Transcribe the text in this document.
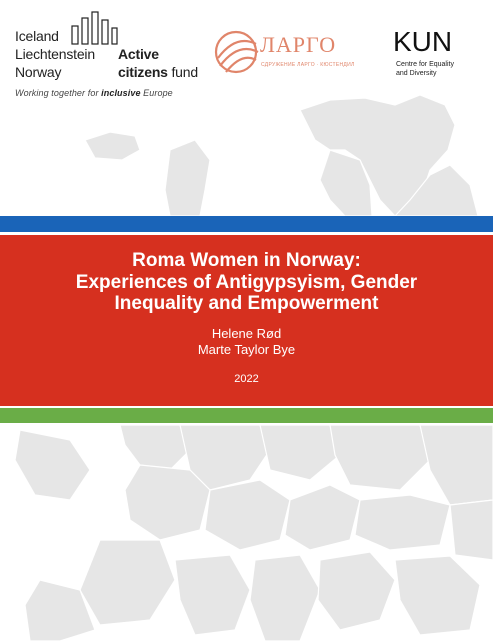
Iceland
Liechtenstein
Norway
Active
citizens fund
Working together for inclusive Europe
ЛАРГО
СДРУЖЕНИЕ ЛАРГО · КЮСТЕНДИЛ
KUN
Centre for Equality
and Diversity
Roma Women in Norway:
Experiences of Antigypsyism, Gender
Inequality and Empowerment
Helene Rød
Marte Taylor Bye
2022
